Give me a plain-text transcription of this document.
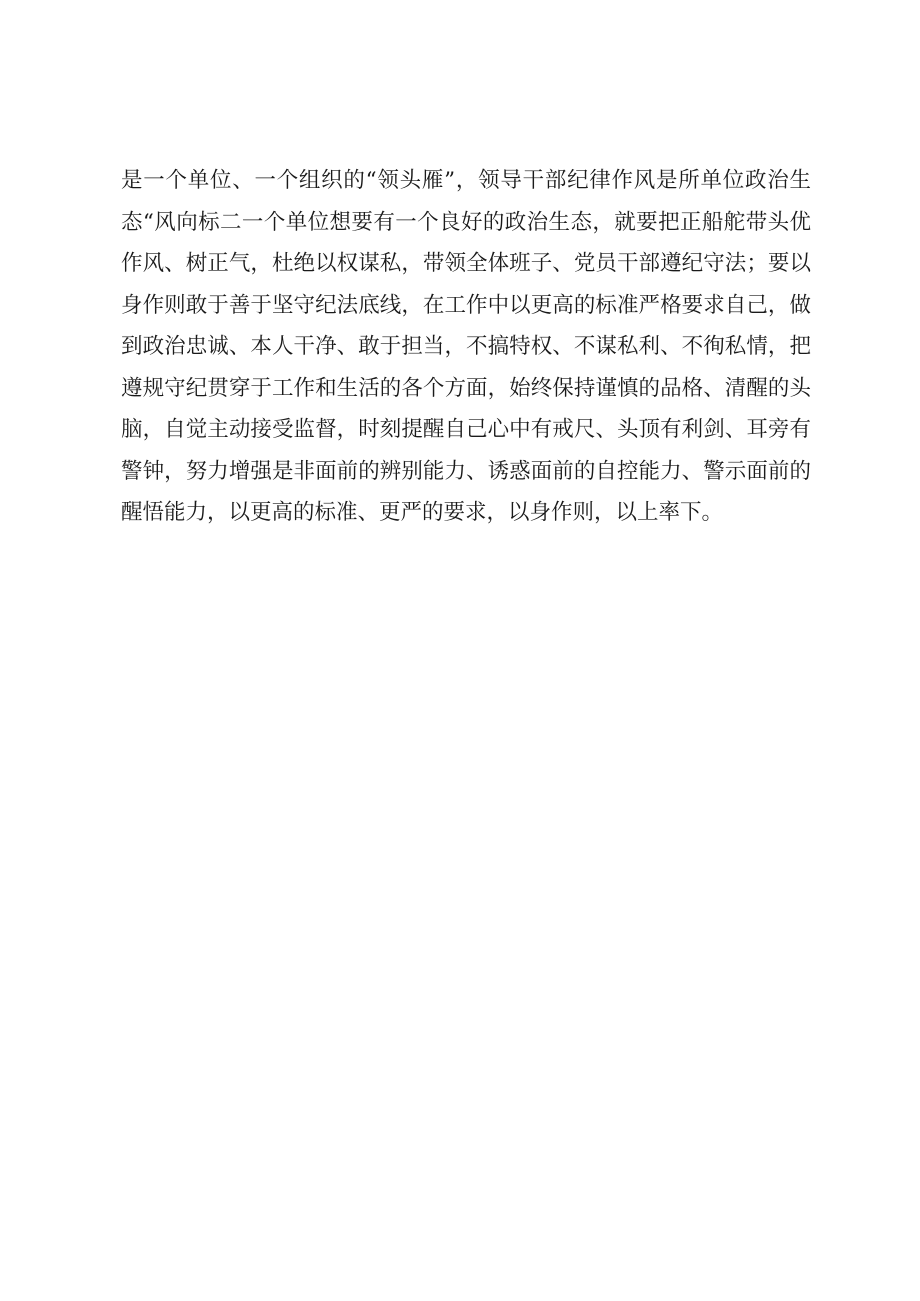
是一个单位、一个组织的“领头雁”，领导干部纪律作风是所单位政治生
态“风向标二一个单位想要有一个良好的政治生态，就要把正船舵带头优
作风、树正气，杜绝以权谋私，带领全体班子、党员干部遵纪守法；要以
身作则敢于善于坚守纪法底线，在工作中以更高的标准严格要求自己，做
到政治忠诚、本人干净、敢于担当，不搞特权、不谋私利、不徇私情，把
遵规守纪贯穿于工作和生活的各个方面，始终保持谨慎的品格、清醒的头
脑，自觉主动接受监督，时刻提醒自己心中有戒尺、头顶有利剑、耳旁有
警钟，努力增强是非面前的辨别能力、诱惑面前的自控能力、警示面前的
醒悟能力，以更高的标准、更严的要求，以身作则，以上率下。
